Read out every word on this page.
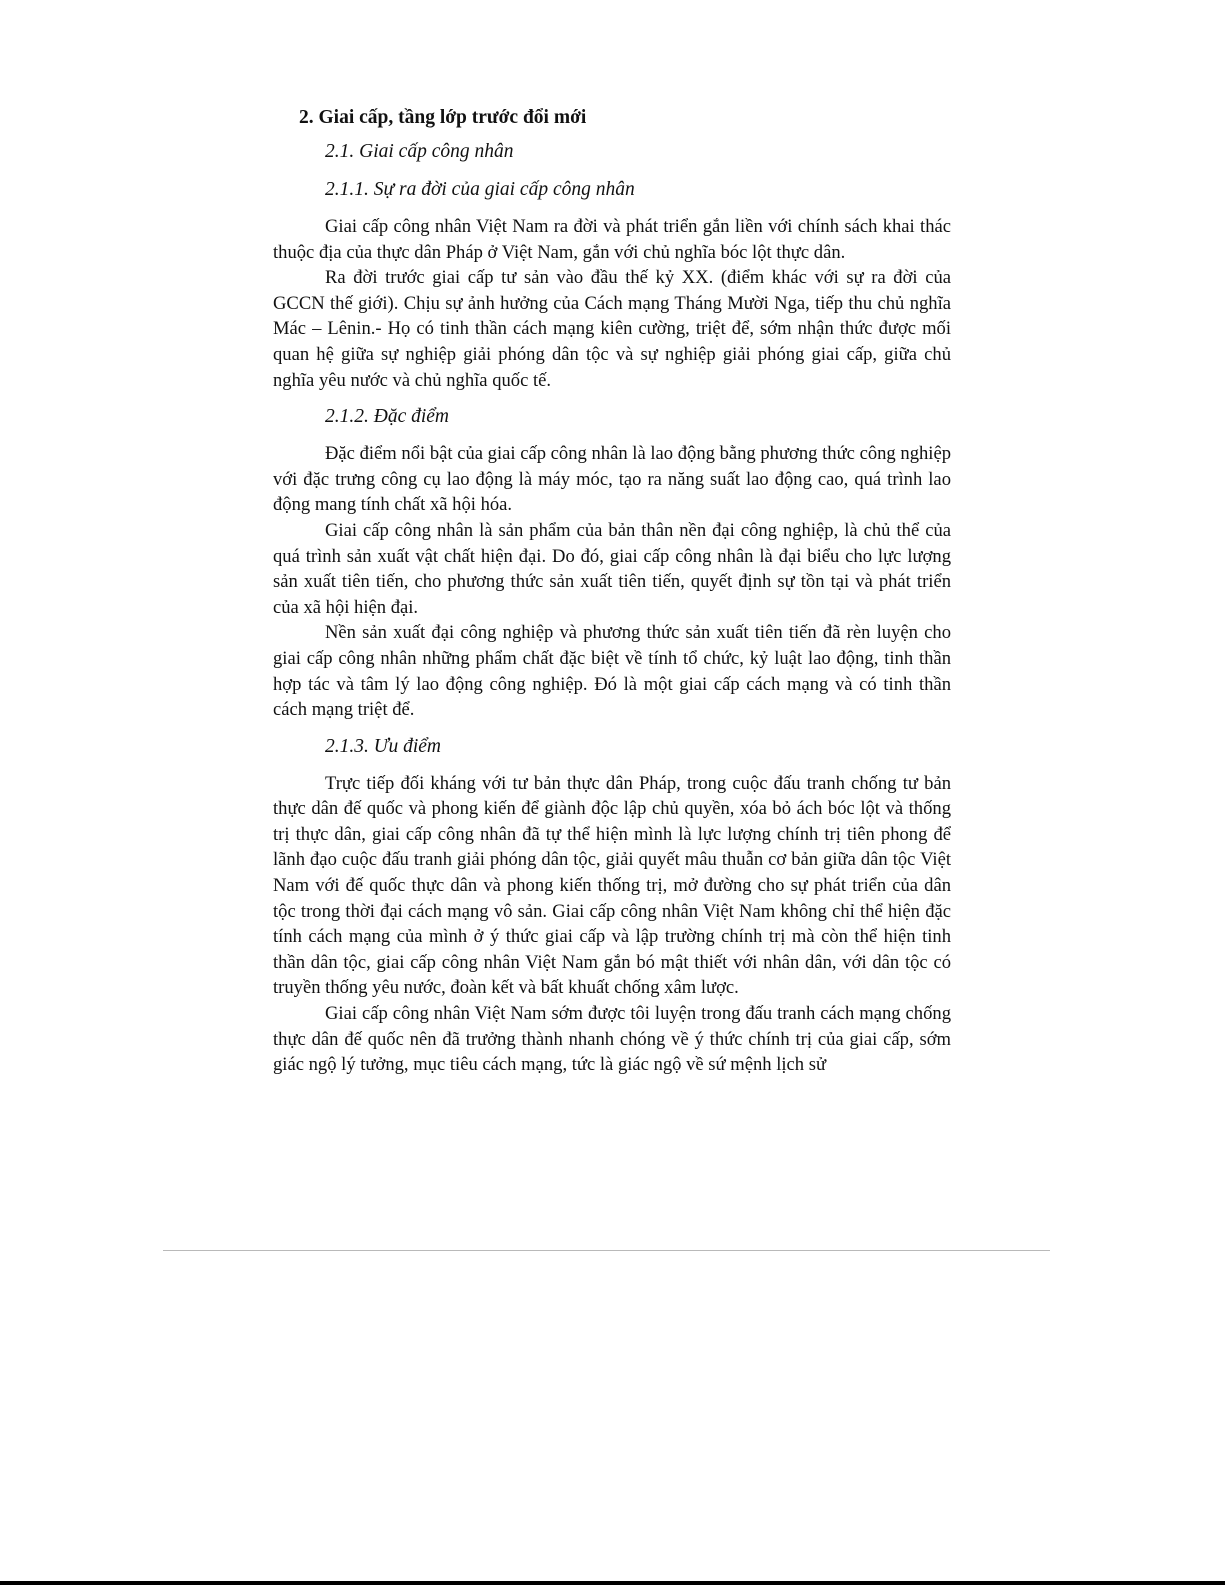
2. Giai cấp, tầng lớp trước đổi mới
2.1. Giai cấp công nhân
2.1.1. Sự ra đời của giai cấp công nhân

Giai cấp công nhân Việt Nam ra đời và phát triển gắn liền với chính sách khai thác thuộc địa của thực dân Pháp ở Việt Nam, gắn với chủ nghĩa bóc lột thực dân.

Ra đời trước giai cấp tư sản vào đầu thế kỷ XX. (điểm khác với sự ra đời của GCCN thế giới). Chịu sự ảnh hưởng của Cách mạng Tháng Mười Nga, tiếp thu chủ nghĩa Mác – Lênin.- Họ có tinh thần cách mạng kiên cường, triệt để, sớm nhận thức được mối quan hệ giữa sự nghiệp giải phóng dân tộc và sự nghiệp giải phóng giai cấp, giữa chủ nghĩa yêu nước và chủ nghĩa quốc tế.

2.1.2. Đặc điểm

Đặc điểm nổi bật của giai cấp công nhân là lao động bằng phương thức công nghiệp với đặc trưng công cụ lao động là máy móc, tạo ra năng suất lao động cao, quá trình lao động mang tính chất xã hội hóa.

Giai cấp công nhân là sản phẩm của bản thân nền đại công nghiệp, là chủ thể của quá trình sản xuất vật chất hiện đại. Do đó, giai cấp công nhân là đại biểu cho lực lượng sản xuất tiên tiến, cho phương thức sản xuất tiên tiến, quyết định sự tồn tại và phát triển của xã hội hiện đại.

Nền sản xuất đại công nghiệp và phương thức sản xuất tiên tiến đã rèn luyện cho giai cấp công nhân những phẩm chất đặc biệt về tính tổ chức, kỷ luật lao động, tinh thần hợp tác và tâm lý lao động công nghiệp. Đó là một giai cấp cách mạng và có tinh thần cách mạng triệt để.

2.1.3. Ưu điểm

Trực tiếp đối kháng với tư bản thực dân Pháp, trong cuộc đấu tranh chống tư bản thực dân đế quốc và phong kiến để giành độc lập chủ quyền, xóa bỏ ách bóc lột và thống trị thực dân, giai cấp công nhân đã tự thể hiện mình là lực lượng chính trị tiên phong để lãnh đạo cuộc đấu tranh giải phóng dân tộc, giải quyết mâu thuẫn cơ bản giữa dân tộc Việt Nam với đế quốc thực dân và phong kiến thống trị, mở đường cho sự phát triển của dân tộc trong thời đại cách mạng vô sản. Giai cấp công nhân Việt Nam không chỉ thể hiện đặc tính cách mạng của mình ở ý thức giai cấp và lập trường chính trị mà còn thể hiện tinh thần dân tộc, giai cấp công nhân Việt Nam gắn bó mật thiết với nhân dân, với dân tộc có truyền thống yêu nước, đoàn kết và bất khuất chống xâm lược.

Giai cấp công nhân Việt Nam sớm được tôi luyện trong đấu tranh cách mạng chống thực dân đế quốc nên đã trưởng thành nhanh chóng về ý thức chính trị của giai cấp, sớm giác ngộ lý tưởng, mục tiêu cách mạng, tức là giác ngộ về sứ mệnh lịch sử
